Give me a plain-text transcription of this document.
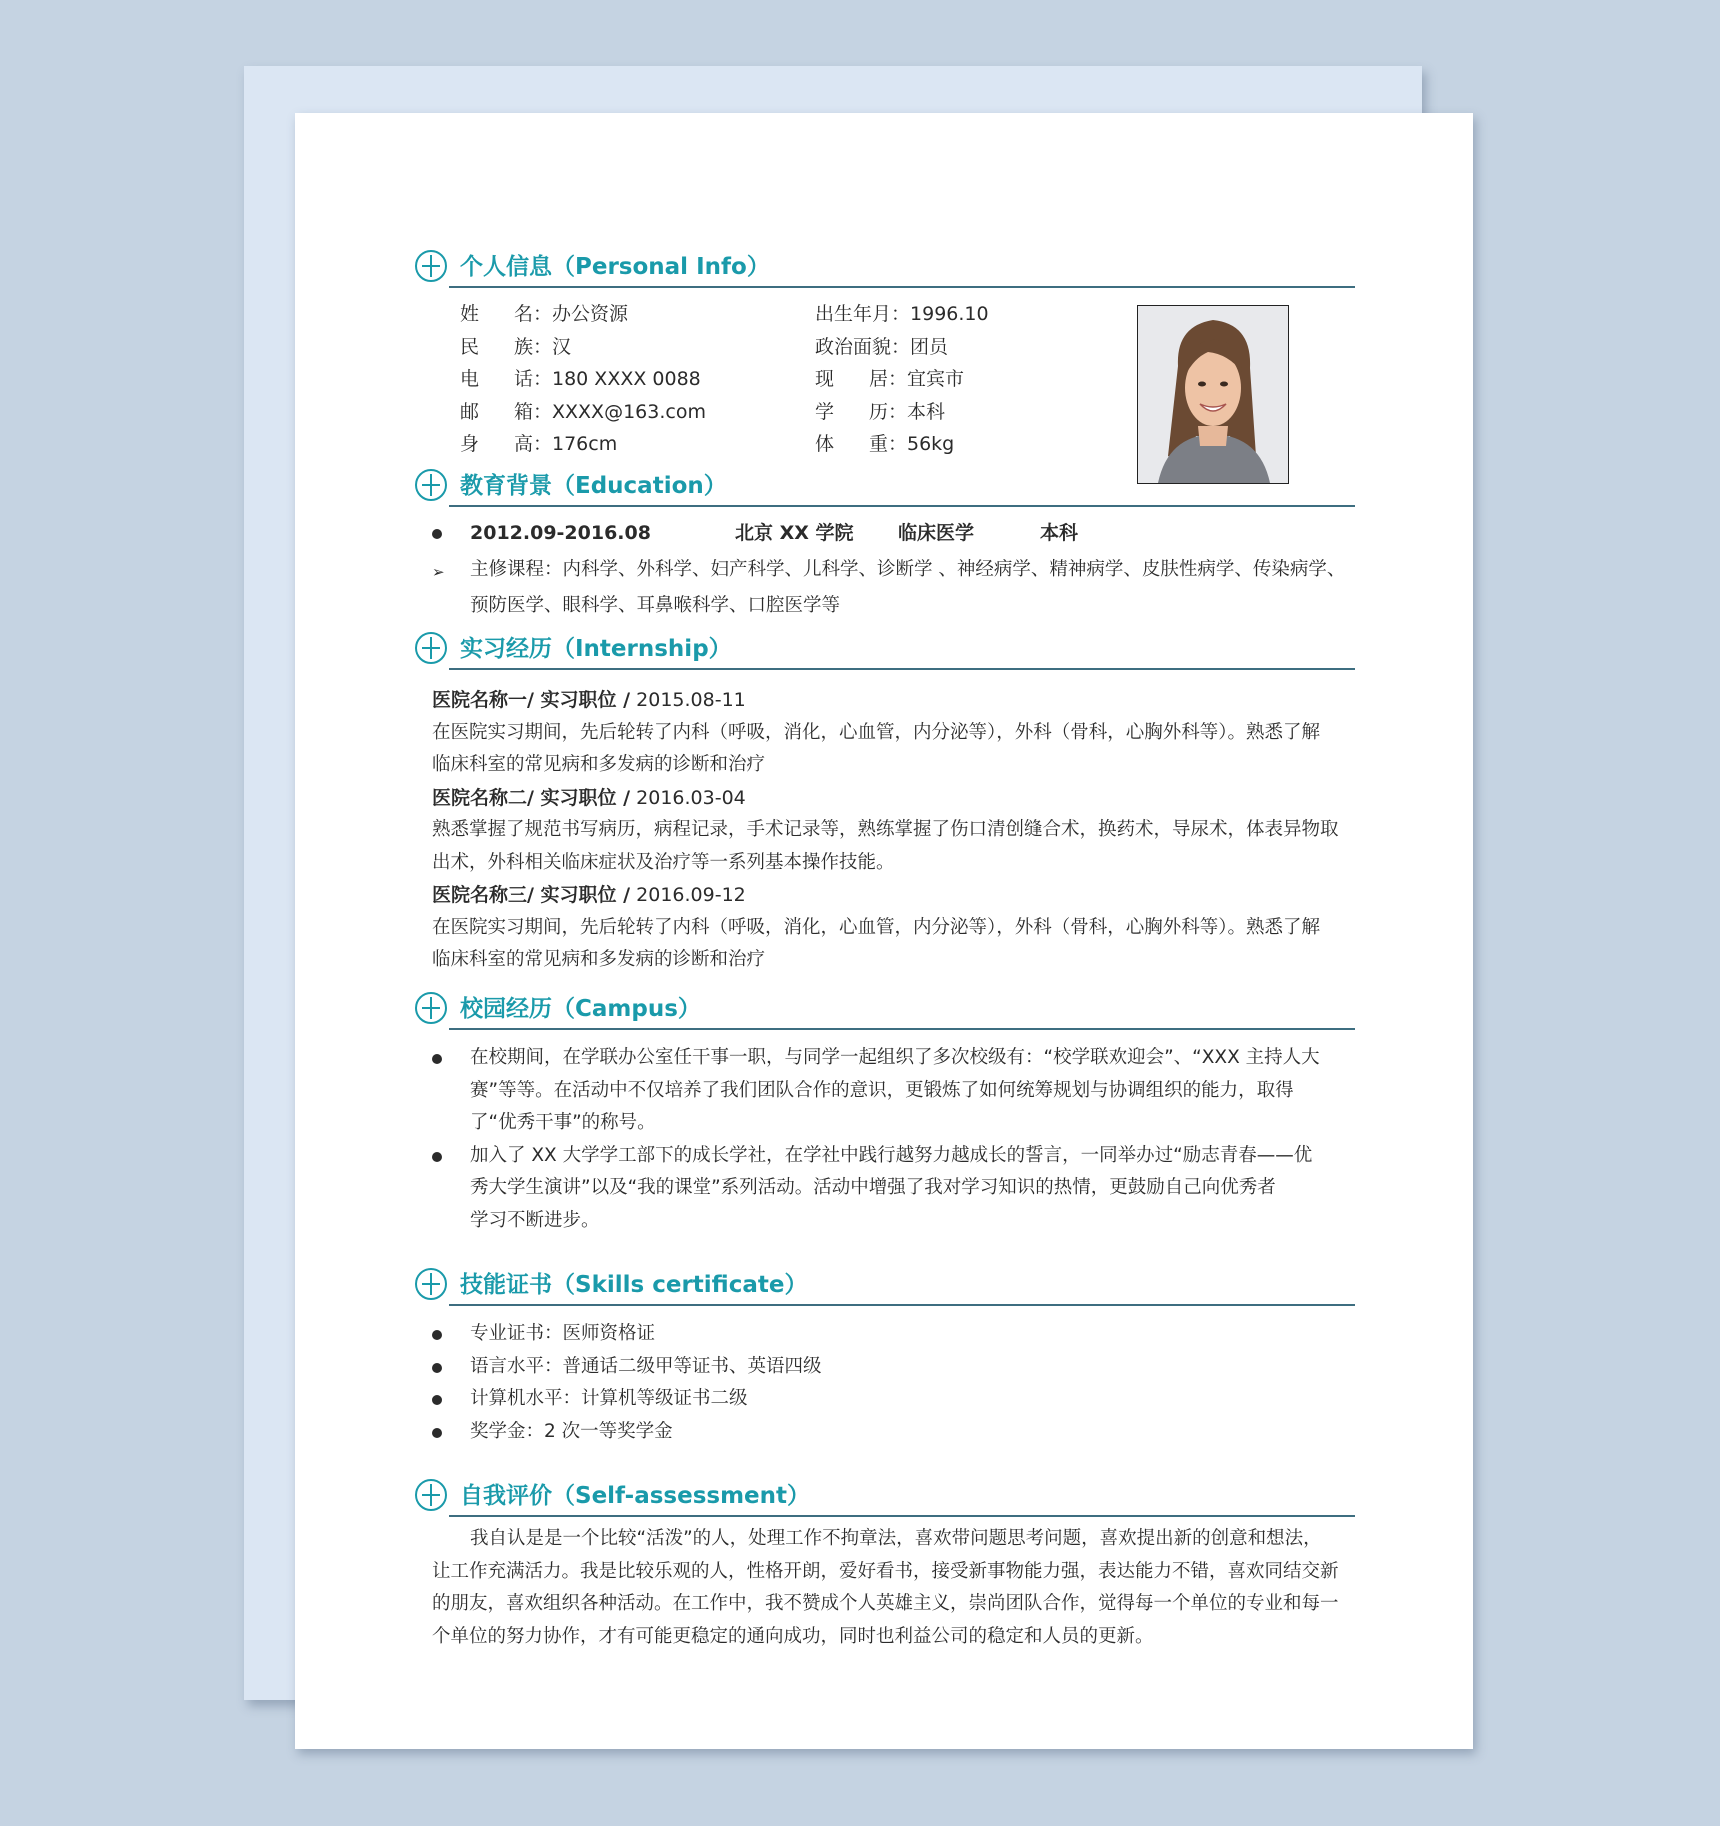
个人信息（Personal Info）
姓 名： 办公资源
民 族： 汉
电 话： 180 XXXX 0088
邮 箱： XXXX@163.com
身 高： 176cm
出生年月：1996.10
政治面貌：团员
现 居： 宜宾市
学 历： 本科
体 重： 56kg
教育背景（Education）
2012.09-2016.08	北京 XX 学院 临床医学	本科
➢ 主修课程：内科学、外科学、妇产科学、儿科学、诊断学 、神经病学、精神病学、皮肤性病学、传染病学、
预防医学、眼科学、耳鼻喉科学、口腔医学等
实习经历（Internship）
医院名称一/ 实习职位 / 2015.08-11
在医院实习期间，先后轮转了内科（呼吸，消化，心血管，内分泌等），外科（骨科，心胸外科等）。熟悉了解
临床科室的常见病和多发病的诊断和治疗
医院名称二/ 实习职位 / 2016.03-04
熟悉掌握了规范书写病历，病程记录，手术记录等，熟练掌握了伤口清创缝合术，换药术，导尿术，体表异物取
出术，外科相关临床症状及治疗等一系列基本操作技能。
医院名称三/ 实习职位 / 2016.09-12
在医院实习期间，先后轮转了内科（呼吸，消化，心血管，内分泌等），外科（骨科，心胸外科等）。熟悉了解
临床科室的常见病和多发病的诊断和治疗
校园经历（Campus）
在校期间，在学联办公室任干事一职，与同学一起组织了多次校级有：“校学联欢迎会”、“XXX 主持人大
赛”等等。在活动中不仅培养了我们团队合作的意识，更锻炼了如何统筹规划与协调组织的能力，取得
了“优秀干事”的称号。
加入了 XX 大学学工部下的成长学社，在学社中践行越努力越成长的誓言，一同举办过“励志青春——优
秀大学生演讲”以及“我的课堂”系列活动。活动中增强了我对学习知识的热情，更鼓励自己向优秀者
学习不断进步。
技能证书（Skills certificate）
专业证书：医师资格证
语言水平：普通话二级甲等证书、英语四级
计算机水平：计算机等级证书二级
奖学金：2 次一等奖学金
自我评价（Self-assessment）
我自认是是一个比较“活泼”的人，处理工作不拘章法，喜欢带问题思考问题，喜欢提出新的创意和想法，
让工作充满活力。我是比较乐观的人，性格开朗，爱好看书，接受新事物能力强，表达能力不错，喜欢同结交新
的朋友，喜欢组织各种活动。在工作中，我不赞成个人英雄主义，崇尚团队合作，觉得每一个单位的专业和每一
个单位的努力协作，才有可能更稳定的通向成功，同时也利益公司的稳定和人员的更新。
